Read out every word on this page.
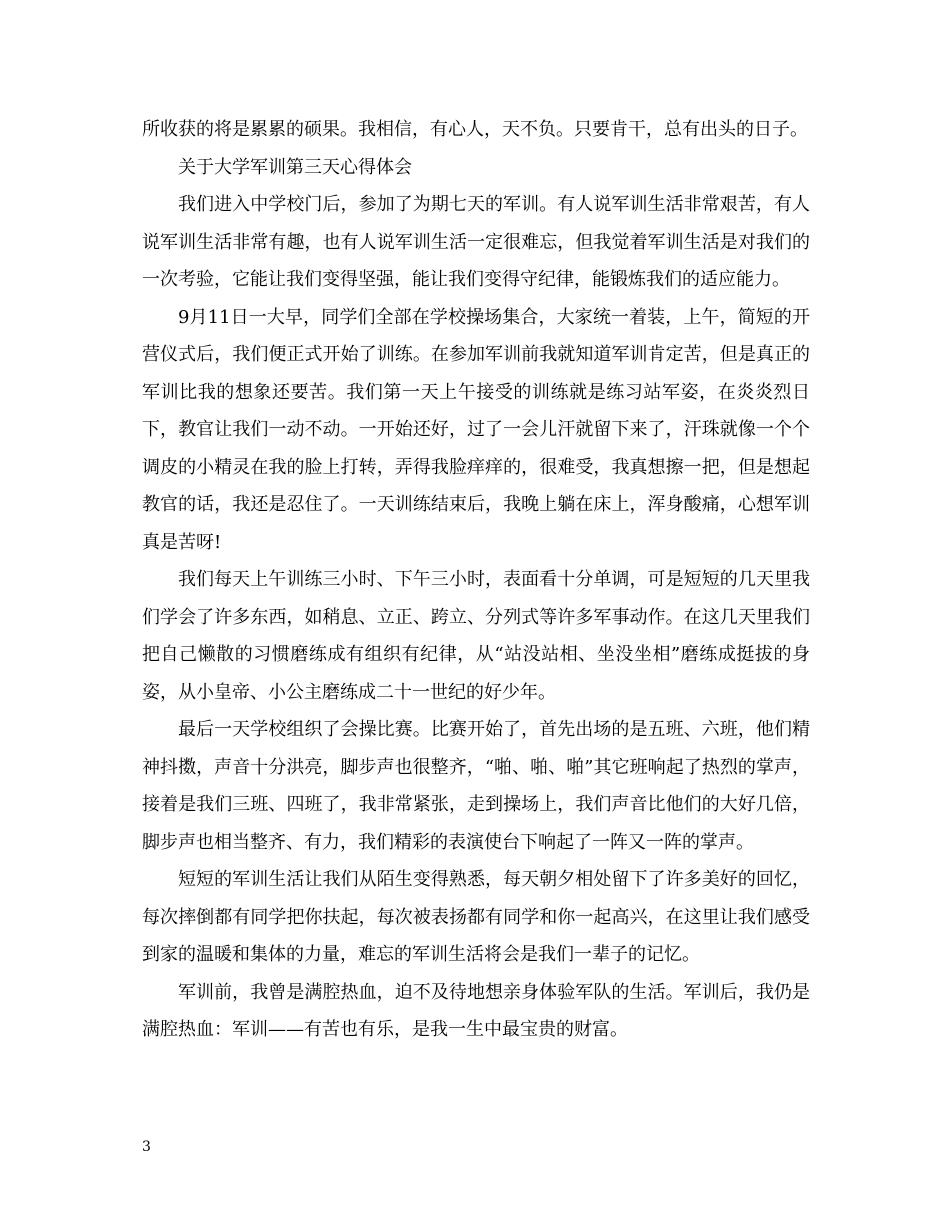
所收获的将是累累的硕果。我相信，有心人，天不负。只要肯干，总有出头的日子。

关于大学军训第三天心得体会

我们进入中学校门后，参加了为期七天的军训。有人说军训生活非常艰苦，有人说军训生活非常有趣，也有人说军训生活一定很难忘，但我觉着军训生活是对我们的一次考验，它能让我们变得坚强，能让我们变得守纪律，能锻炼我们的适应能力。

9月11日一大早，同学们全部在学校操场集合，大家统一着装，上午，简短的开营仪式后，我们便正式开始了训练。在参加军训前我就知道军训肯定苦，但是真正的军训比我的想象还要苦。我们第一天上午接受的训练就是练习站军姿，在炎炎烈日下，教官让我们一动不动。一开始还好，过了一会儿汗就留下来了，汗珠就像一个个调皮的小精灵在我的脸上打转，弄得我脸痒痒的，很难受，我真想擦一把，但是想起教官的话，我还是忍住了。一天训练结束后，我晚上躺在床上，浑身酸痛，心想军训真是苦呀!

我们每天上午训练三小时、下午三小时，表面看十分单调，可是短短的几天里我们学会了许多东西，如稍息、立正、跨立、分列式等许多军事动作。在这几天里我们把自己懒散的习惯磨练成有组织有纪律，从“站没站相、坐没坐相”磨练成挺拔的身姿，从小皇帝、小公主磨练成二十一世纪的好少年。

最后一天学校组织了会操比赛。比赛开始了，首先出场的是五班、六班，他们精神抖擞，声音十分洪亮，脚步声也很整齐，“啪、啪、啪”其它班响起了热烈的掌声，接着是我们三班、四班了，我非常紧张，走到操场上，我们声音比他们的大好几倍，脚步声也相当整齐、有力，我们精彩的表演使台下响起了一阵又一阵的掌声。

短短的军训生活让我们从陌生变得熟悉，每天朝夕相处留下了许多美好的回忆，每次摔倒都有同学把你扶起，每次被表扬都有同学和你一起高兴，在这里让我们感受到家的温暖和集体的力量，难忘的军训生活将会是我们一辈子的记忆。

军训前，我曾是满腔热血，迫不及待地想亲身体验军队的生活。军训后，我仍是满腔热血：军训——有苦也有乐，是我一生中最宝贵的财富。

3
